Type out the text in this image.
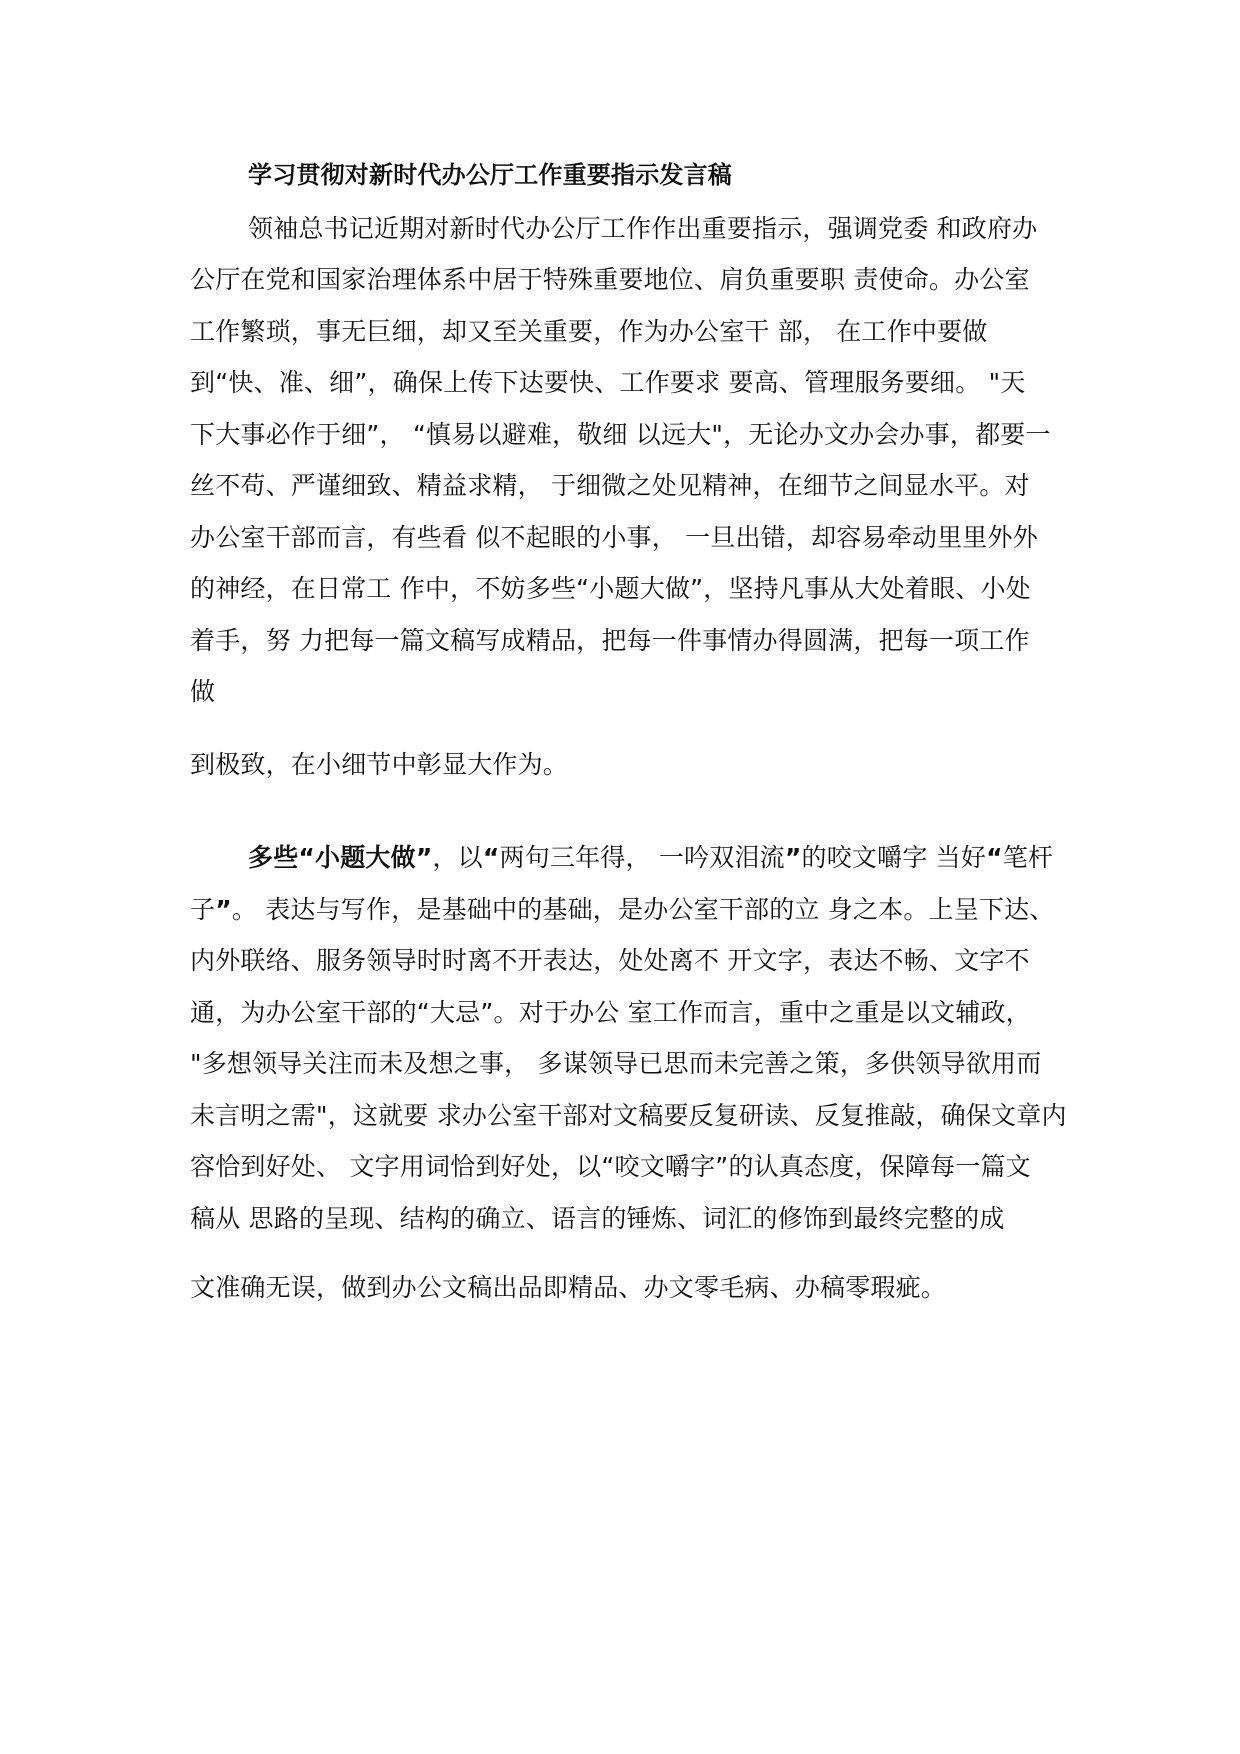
学习贯彻对新时代办公厅工作重要指示发言稿
领袖总书记近期对新时代办公厅工作作出重要指示，强调党委 和政府办
公厅在党和国家治理体系中居于特殊重要地位、肩负重要职 责使命。办公室
工作繁琐，事无巨细，却又至关重要，作为办公室干 部， 在工作中要做
到“快、准、细”，确保上传下达要快、工作要求 要高、管理服务要细。 "天
下大事必作于细”， “慎易以避难，敬细 以远大"，无论办文办会办事，都要一
丝不苟、严谨细致、精益求精， 于细微之处见精神，在细节之间显水平。对
办公室干部而言，有些看 似不起眼的小事， 一旦出错，却容易牵动里里外外
的神经，在日常工 作中，不妨多些“小题大做”，坚持凡事从大处着眼、小处
着手，努 力把每一篇文稿写成精品，把每一件事情办得圆满，把每一项工作
做
到极致，在小细节中彰显大作为。
多些“小题大做”，以“两句三年得， 一吟双泪流”的咬文嚼字 当好“笔杆
子”。 表达与写作，是基础中的基础，是办公室干部的立 身之本。上呈下达、
内外联络、服务领导时时离不开表达，处处离不 开文字，表达不畅、文字不
通，为办公室干部的“大忌”。对于办公 室工作而言，重中之重是以文辅政，
"多想领导关注而未及想之事， 多谋领导已思而未完善之策，多供领导欲用而
未言明之需"，这就要 求办公室干部对文稿要反复研读、反复推敲，确保文章内
容恰到好处、 文字用词恰到好处，以“咬文嚼字”的认真态度，保障每一篇文
稿从 思路的呈现、结构的确立、语言的锤炼、词汇的修饰到最终完整的成
文准确无误，做到办公文稿出品即精品、办文零毛病、办稿零瑕疵。
